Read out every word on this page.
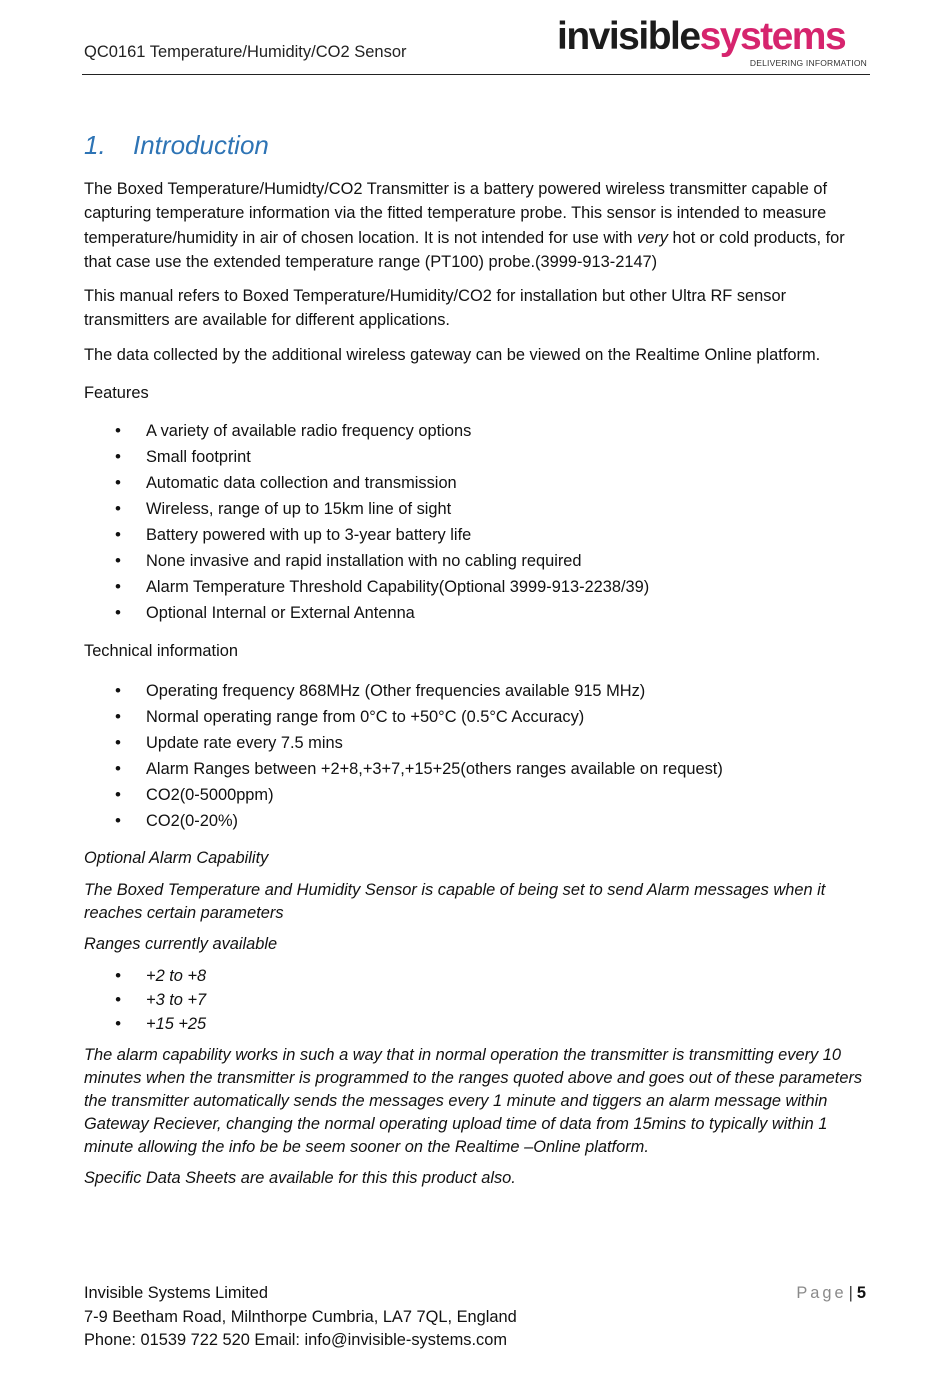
QC0161 Temperature/Humidity/CO2 Sensor	invisiblesystems
DELIVERING INFORMATION
1. Introduction

The Boxed Temperature/Humidty/CO2 Transmitter is a battery powered wireless transmitter capable of capturing temperature information via the fitted temperature probe. This sensor is intended to measure temperature/humidity in air of chosen location. It is not intended for use with very hot or cold products, for that case use the extended temperature range (PT100) probe.(3999-913-2147)

This manual refers to Boxed Temperature/Humidity/CO2 for installation but other Ultra RF sensor transmitters are available for different applications.

The data collected by the additional wireless gateway can be viewed on the Realtime Online platform.

Features

• A variety of available radio frequency options
• Small footprint
• Automatic data collection and transmission
• Wireless, range of up to 15km line of sight
• Battery powered with up to 3-year battery life
• None invasive and rapid installation with no cabling required
• Alarm Temperature Threshold Capability(Optional 3999-913-2238/39)
• Optional Internal or External Antenna

Technical information

• Operating frequency 868MHz (Other frequencies available 915 MHz)
• Normal operating range from 0°C to +50°C (0.5°C Accuracy)
• Update rate every 7.5 mins
• Alarm Ranges between +2+8,+3+7,+15+25(others ranges available on request)
• CO2(0-5000ppm)
• CO2(0-20%)

Optional Alarm Capability

The Boxed Temperature and Humidity Sensor is capable of being set to send Alarm messages when it reaches certain parameters

Ranges currently available

• +2 to +8
• +3 to +7
• +15 +25

The alarm capability works in such a way that in normal operation the transmitter is transmitting every 10 minutes when the transmitter is programmed to the ranges quoted above and goes out of these parameters the transmitter automatically sends the messages every 1 minute and tiggers an alarm message within Gateway Reciever, changing the normal operating upload time of data from 15mins to typically within 1 minute allowing the info be be seem sooner on the Realtime –Online platform.

Specific Data Sheets are available for this this product also.

Invisible Systems Limited
7-9 Beetham Road, Milnthorpe Cumbria, LA7 7QL, England
Phone: 01539 722 520 Email: info@invisible-systems.com
Page | 5
